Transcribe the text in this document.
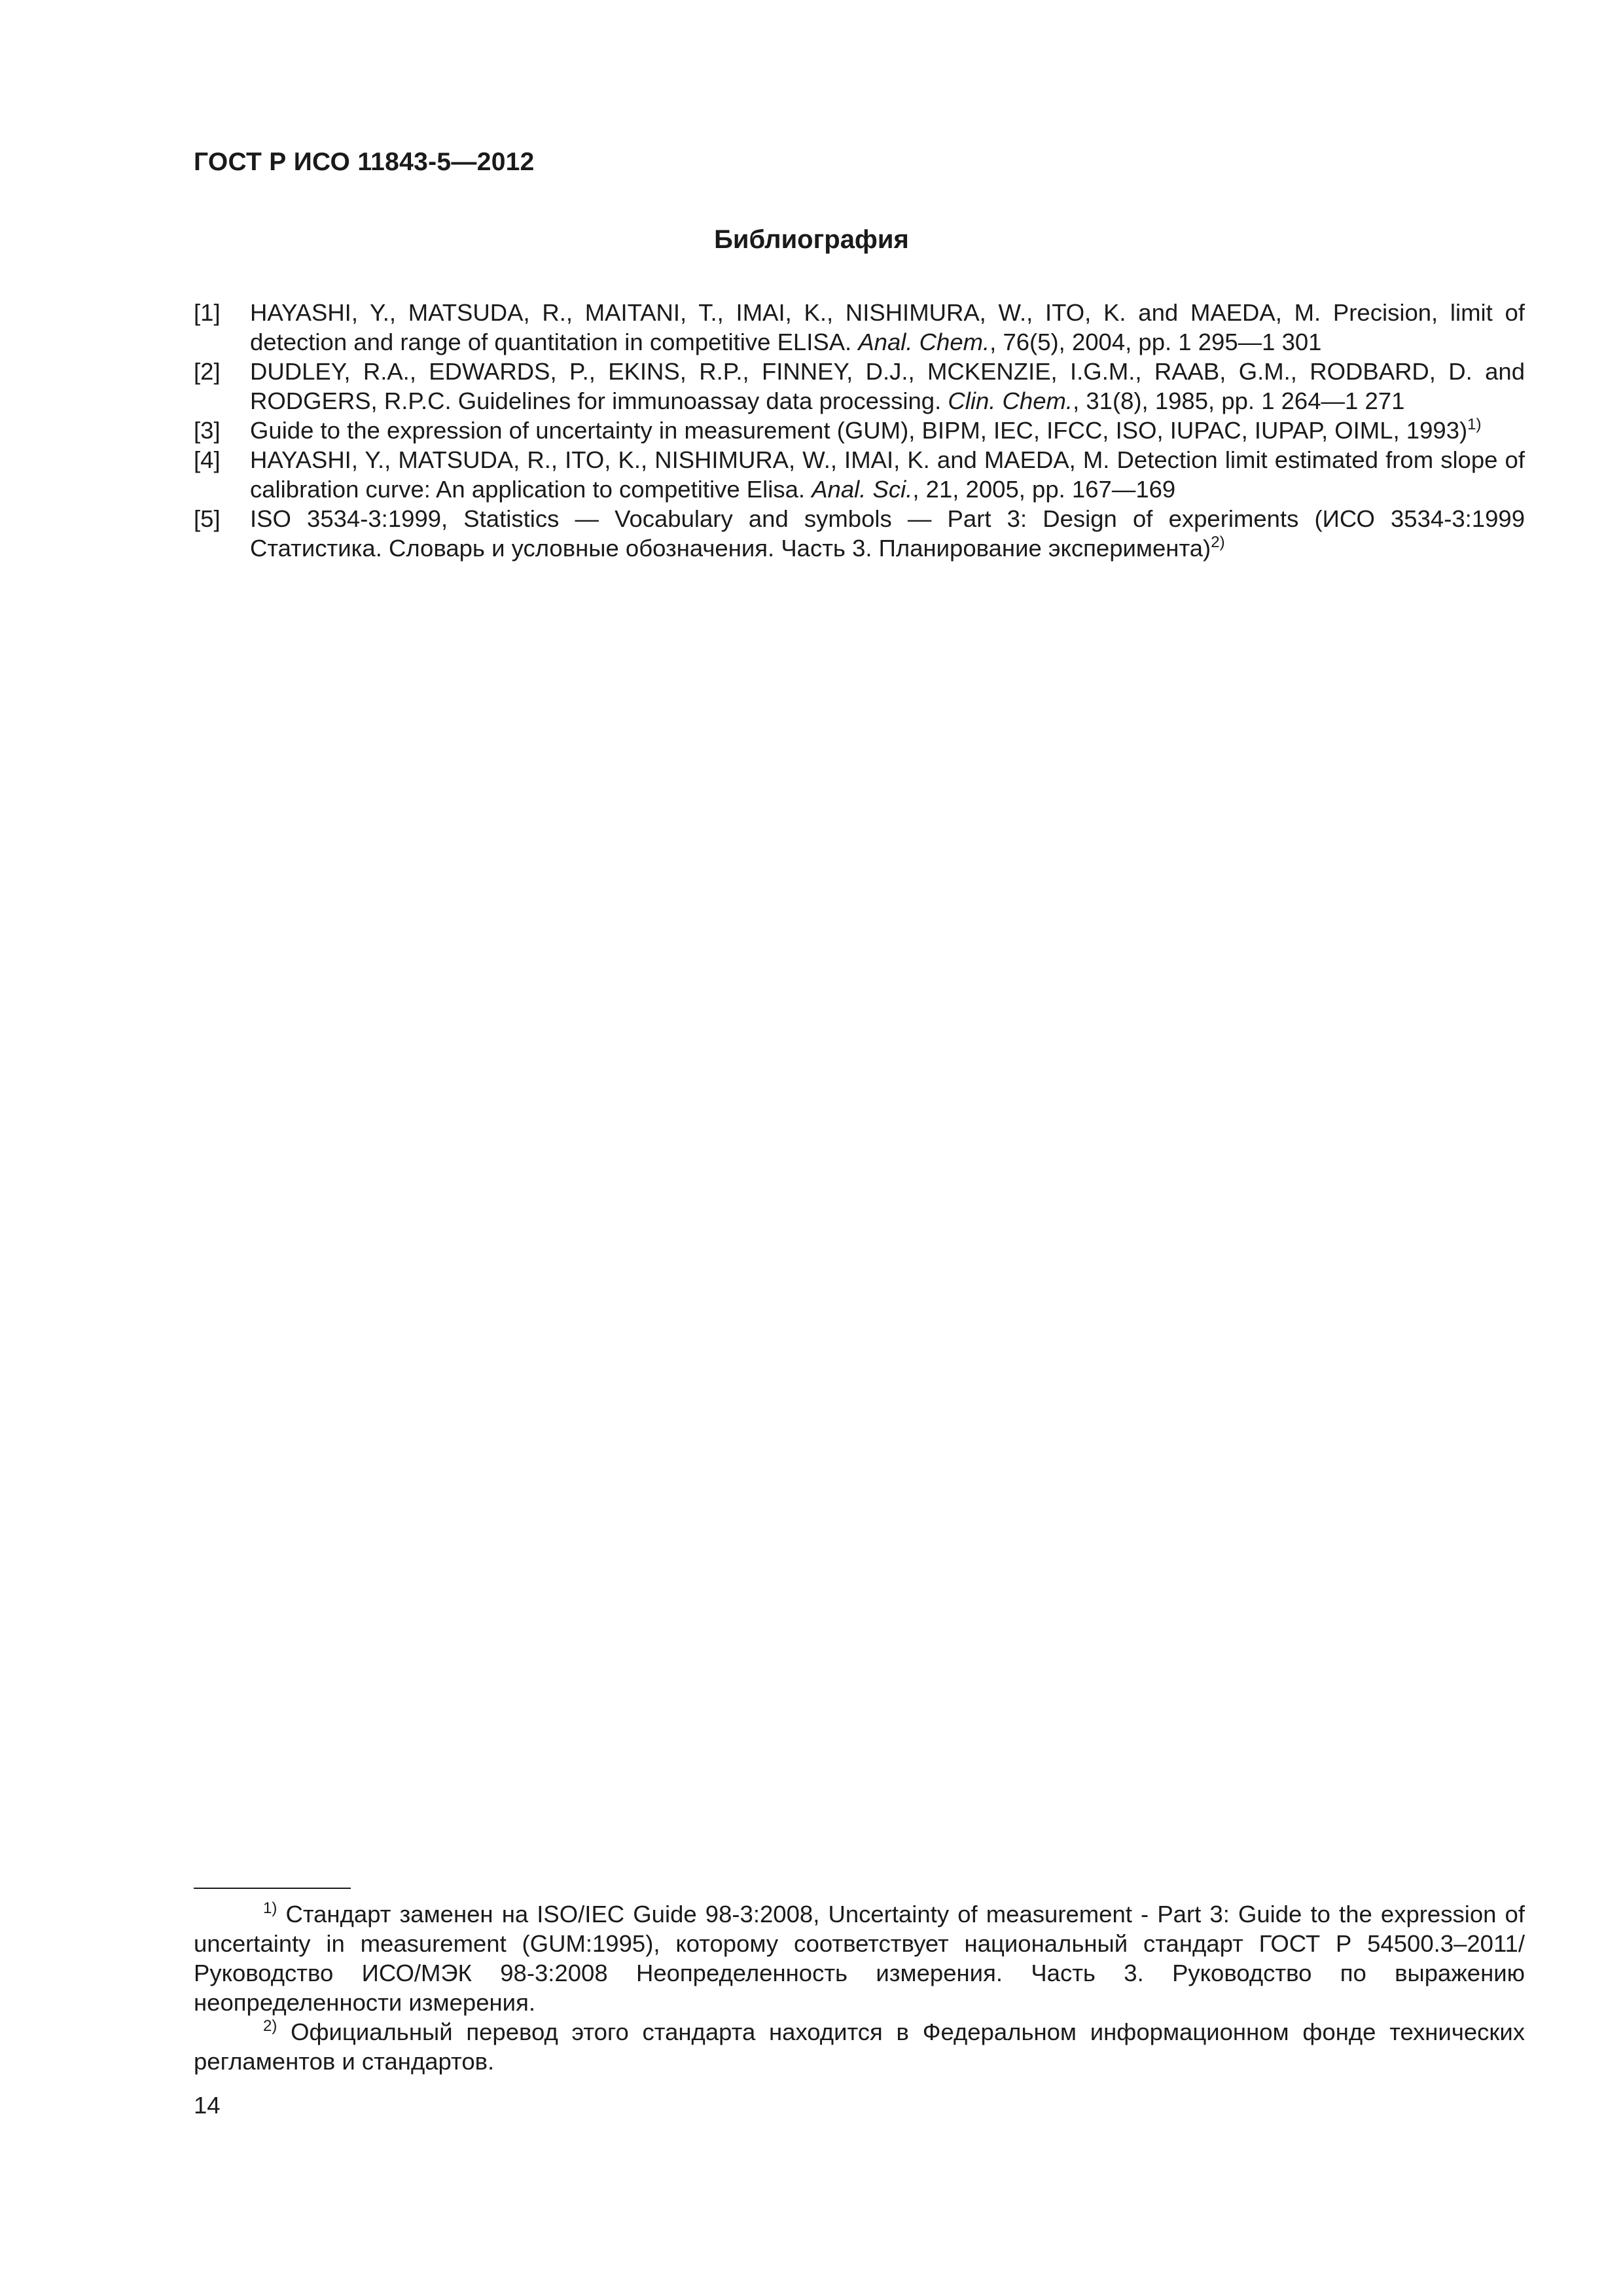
ГОСТ Р ИСО 11843-5—2012
Библиография
[1]	HAYASHI, Y., MATSUDA, R., MAITANI, T., IMAI, K., NISHIMURA, W., ITO, K. and MAEDA, M. Precision, limit of detection and range of quantitation in competitive ELISA. Anal. Chem., 76(5), 2004, pp. 1 295—1 301
[2]	DUDLEY, R.A., EDWARDS, P., EKINS, R.P., FINNEY, D.J., MCKENZIE, I.G.M., RAAB, G.M., RODBARD, D. and RODGERS, R.P.C. Guidelines for immunoassay data processing. Clin. Chem., 31(8), 1985, pp. 1 264—1 271
[3]	Guide to the expression of uncertainty in measurement (GUM), BIPM, IEC, IFCC, ISO, IUPAC, IUPAP, OIML, 1993)$^{1)}$
[4]	HAYASHI, Y., MATSUDA, R., ITO, K., NISHIMURA, W., IMAI, K. and MAEDA, M. Detection limit estimated from slope of calibration curve: An application to competitive Elisa. Anal. Sci., 21, 2005, pp. 167—169
[5]	ISO 3534-3:1999, Statistics — Vocabulary and symbols — Part 3: Design of experiments (ИСО 3534-3:1999 Статистика. Словарь и условные обозначения. Часть 3. Планирование эксперимента)$^{2)}$
$^{1)}$ Стандарт заменен на ISO/IEC Guide 98-3:2008, Uncertainty of measurement - Part 3: Guide to the expression of uncertainty in measurement (GUM:1995), которому соответствует национальный стандарт ГОСТ Р 54500.3–2011/ Руководство ИСО/МЭК 98-3:2008 Неопределенность измерения. Часть 3. Руководство по выражению неопределенности измерения.
$^{2)}$ Официальный перевод этого стандарта находится в Федеральном информационном фонде технических регламентов и стандартов.
14
